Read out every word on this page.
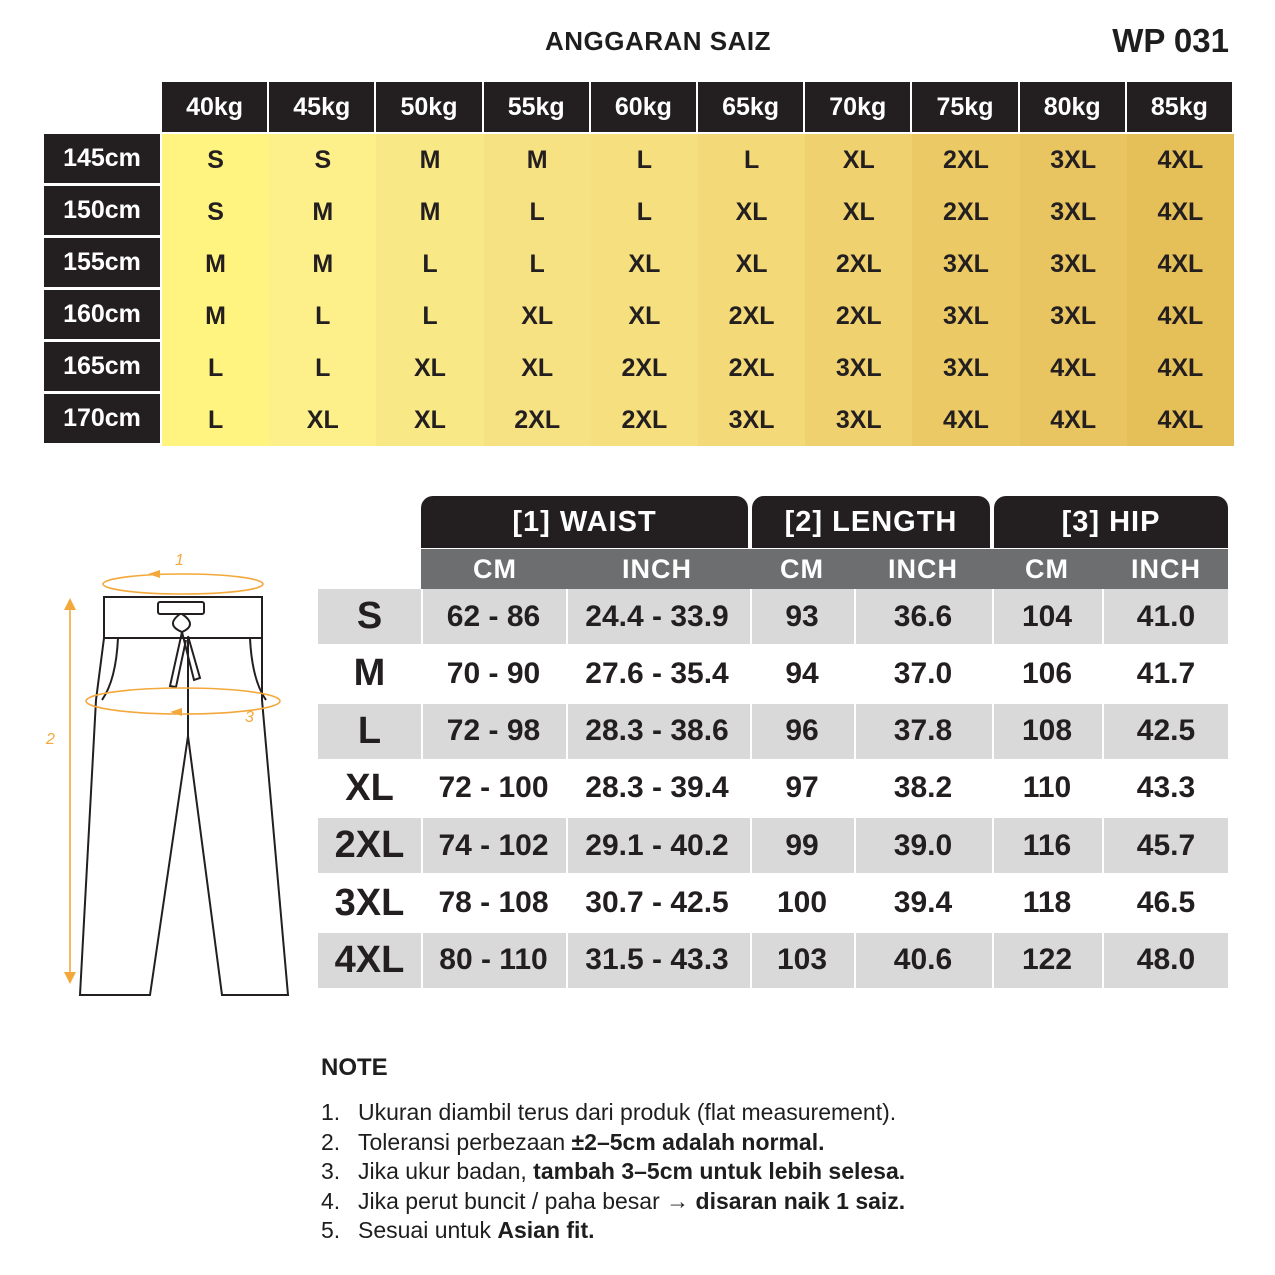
ANGGARAN SAIZ	WP 031
40kg	45kg	50kg	55kg	60kg	65kg	70kg	75kg	80kg	85kg
145cm	S	S	M	M	L	L	XL	2XL	3XL	4XL
150cm	S	M	M	L	L	XL	XL	2XL	3XL	4XL
155cm	M	M	L	L	XL	XL	2XL	3XL	3XL	4XL
160cm	M	L	L	XL	XL	2XL	2XL	3XL	3XL	4XL
165cm	L	L	XL	XL	2XL	2XL	3XL	3XL	4XL	4XL
170cm	L	XL	XL	2XL	2XL	3XL	3XL	4XL	4XL	4XL
1
2
3
[1] WAIST	[2] LENGTH	[3] HIP
CM	INCH	CM	INCH	CM	INCH
S	62 - 86	24.4 - 33.9	93	36.6	104	41.0
M	70 - 90	27.6 - 35.4	94	37.0	106	41.7
L	72 - 98	28.3 - 38.6	96	37.8	108	42.5
XL	72 - 100	28.3 - 39.4	97	38.2	110	43.3
2XL	74 - 102	29.1 - 40.2	99	39.0	116	45.7
3XL	78 - 108	30.7 - 42.5	100	39.4	118	46.5
4XL	80 - 110	31.5 - 43.3	103	40.6	122	48.0
NOTE
1. Ukuran diambil terus dari produk (flat measurement).
2. Toleransi perbezaan ±2–5cm adalah normal.
3. Jika ukur badan, tambah 3–5cm untuk lebih selesa.
4. Jika perut buncit / paha besar → disaran naik 1 saiz.
5. Sesuai untuk Asian fit.
